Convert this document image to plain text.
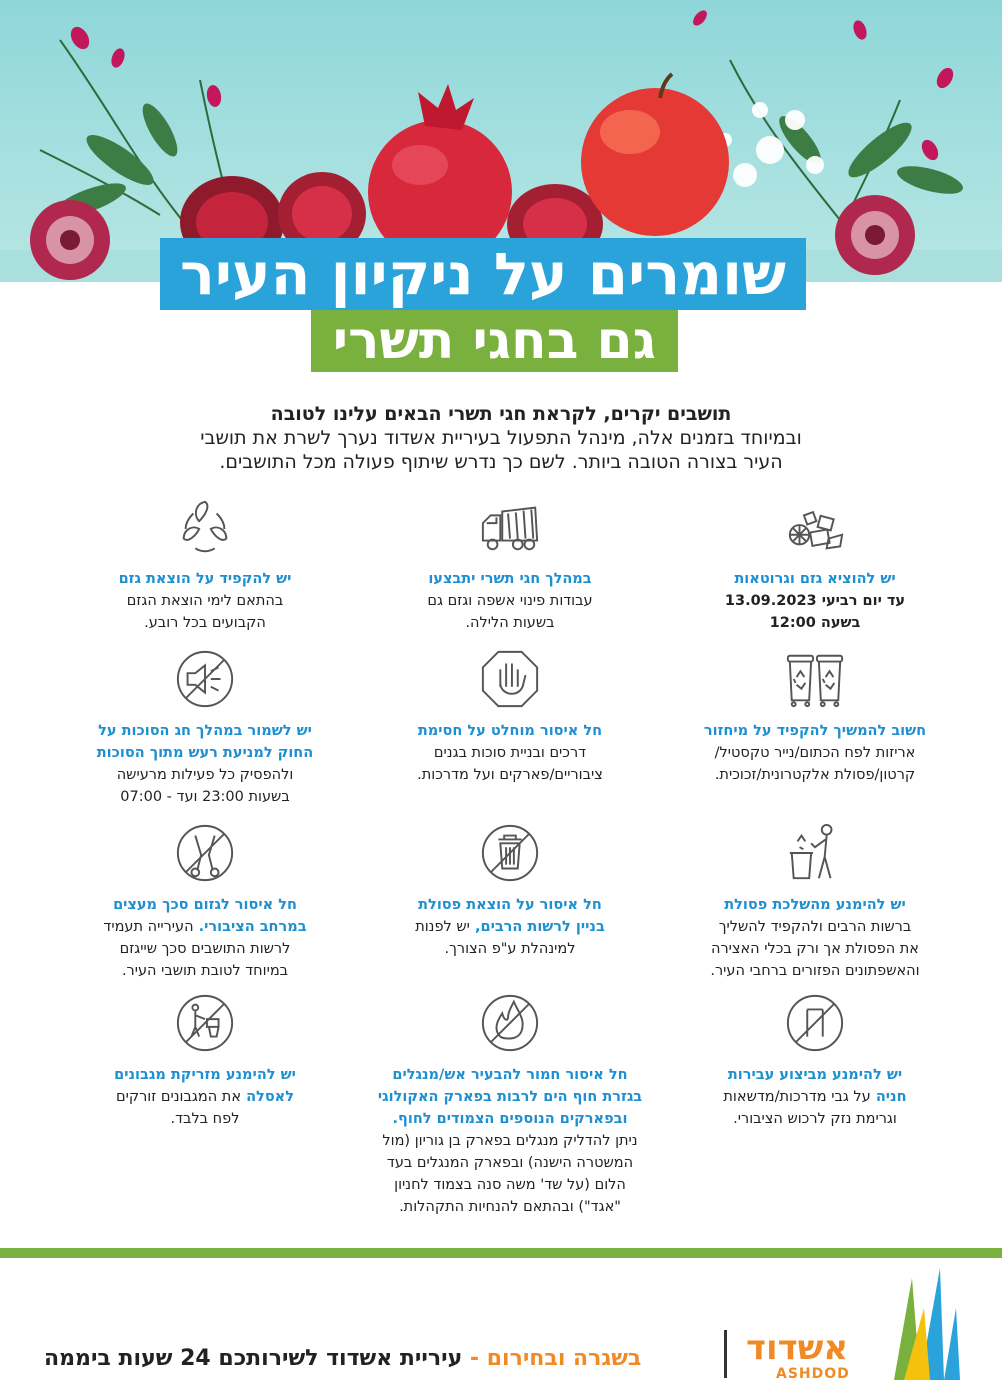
שומרים על ניקיון העיר
גם בחגי תשרי
תושבים יקרים, לקראת חגי תשרי הבאים עלינו לטובה
ובמיוחד בזמנים אלה, מינהל התפעול בעיריית אשדוד נערך לשרת את תושבי
העיר בצורה הטובה ביותר. לשם כך נדרש שיתוף פעולה מכל התושבים.
יש להוציא גזם וגרוטאות
עד יום רביעי 13.09.2023
בשעה 12:00
במהלך חגי תשרי יתבצעו
עבודות פינוי אשפה וגזם גם
בשעות הלילה.
יש להקפיד על הוצאת גזם
בהתאם לימי הוצאת הגזם
הקבועים בכל רובע.
חשוב להמשיך להקפיד על מיחזור
אריזות לפח הכתום/נייר טקסטיל/
קרטון/פסולת אלקטרונית/זכוכית.
חל איסור מוחלט על חסימת
דרכים ובניית סוכות בגנים
ציבוריים/פארקים ועל מדרכות.
יש לשמור במהלך חג הסוכות על
החוק למניעת רעש מתוך הסוכות
ולהפסיק כל פעילות מרעישה
בשעות 23:00 ועד - 07:00
יש להימנע מהשלכת פסולת
ברשות הרבים ולהקפיד להשליך
את הפסולת אך ורק בכלי האצירה
והאשפתונים הפזורים ברחבי העיר.
חל איסור על הוצאת פסולת
בניין לרשות הרבים, יש לפנות
למינהלת ע"פ הצורך.
חל איסור לגזום סכך מעצים
במרחב הציבורי. העירייה תעמיד
לרשות התושבים סכך שייגזם
במיוחד לטובת תושבי העיר.
יש להימנע מביצוע עבירות
חניה על גבי מדרכות/מדשאות
וגרימת נזק לרכוש הציבורי.
חל איסור חמור להבעיר אש/מנגלים
בגזרת חוף הים לרבות בפארק האקולוגי
ובפארקים הנוספים הצמודים לחוף.
ניתן להדליק מנגלים בפארק בן גוריון (מול
המשטרה הישנה) ובפארק המנגלים בעד
הלום (על שד' משה סנה בצמוד לחניון
"אגד") ובהתאם להנחיות התקהלות.
יש להימנע מזריקת מגבונים
לאסלה את המגבונים זורקים
לפח בלבד.
בשגרה ובחירום - עיריית אשדוד לשירותכם 24 שעות ביממה	אשדוד
ASHDOD
